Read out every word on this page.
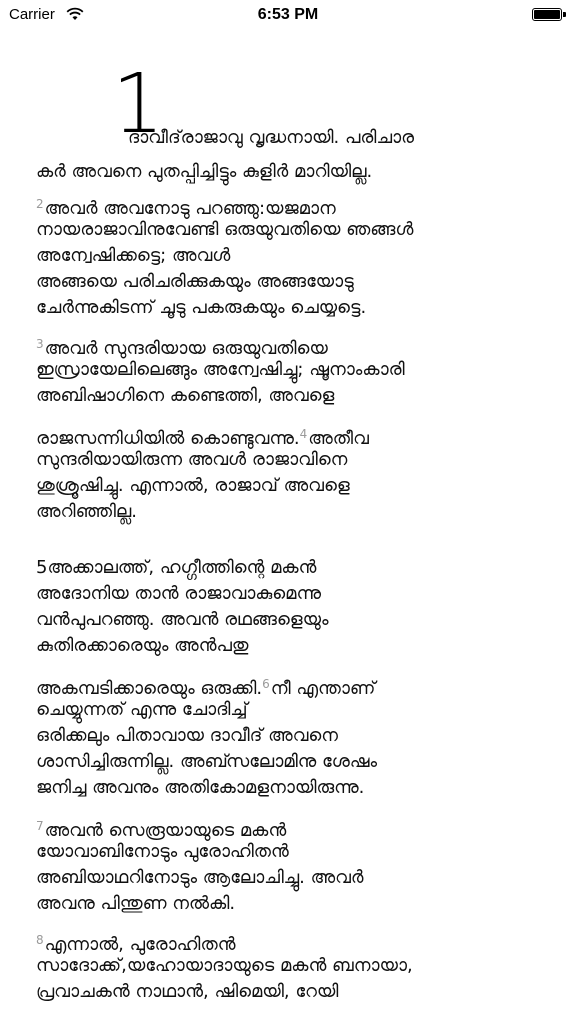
Carrier	6:53 PM
1
ദാവീദ്‌രാജാവു വൃദ്ധനായി. പരിചാര
കർ അവനെ പുതപ്പിച്ചിട്ടും കുളിർ മാറിയില്ല.
$^2$അവർ അവനോടു പറഞ്ഞു:യജമാന
നായരാജാവിനുവേണ്ടി ഒരുയുവതിയെ ഞങ്ങൾ
അന്വേഷിക്കട്ടെ; അവൾ
അങ്ങയെ പരിചരിക്കുകയും അങ്ങയോടു
ചേർന്നുകിടന്ന് ചൂടു പകരുകയും ചെയ്യട്ടെ.
$^3$അവർ സുന്ദരിയായ ഒരുയുവതിയെ
ഇസ്രായേലിലെങ്ങും അന്വേഷിച്ചു; ഷൂനാംകാരി
അബിഷാഗിനെ കണ്ടെത്തി, അവളെ
രാജസന്നിധിയിൽ കൊണ്ടുവന്നു.$^4$അതീവ
സുന്ദരിയായിരുന്ന അവൾ രാജാവിനെ
ശുശ്രൂഷിച്ചു. എന്നാൽ, രാജാവ് അവളെ
അറിഞ്ഞില്ല.
5അക്കാലത്ത്, ഹഗ്ഗീത്തിന്റെ മകൻ
അദോനിയ താൻ രാജാവാകുമെന്നു
വൻപുപറഞ്ഞു. അവൻ രഥങ്ങളെയും
കുതിരക്കാരെയും അൻപതു
അകമ്പടിക്കാരെയും ഒരുക്കി.$^6$നീ എന്താണ്
ചെയ്യുന്നത് എന്നു ചോദിച്ച്
ഒരിക്കലും പിതാവായ ദാവീദ് അവനെ
ശാസിച്ചിരുന്നില്ല. അബ്സലോമിനു ശേഷം
ജനിച്ച അവനും അതികോമളനായിരുന്നു.
$^7$അവൻ സെരൂയായുടെ മകൻ
യോവാബിനോടും പുരോഹിതൻ
അബിയാഥറിനോടും ആലോചിച്ചു. അവർ
അവനു പിന്തുണ നൽകി.
$^8$എന്നാൽ, പുരോഹിതൻ
സാദോക്ക്,യഹോയാദായുടെ മകൻ ബനായാ,
പ്രവാചകൻ നാഥാൻ, ഷിമെയി, റേയി
